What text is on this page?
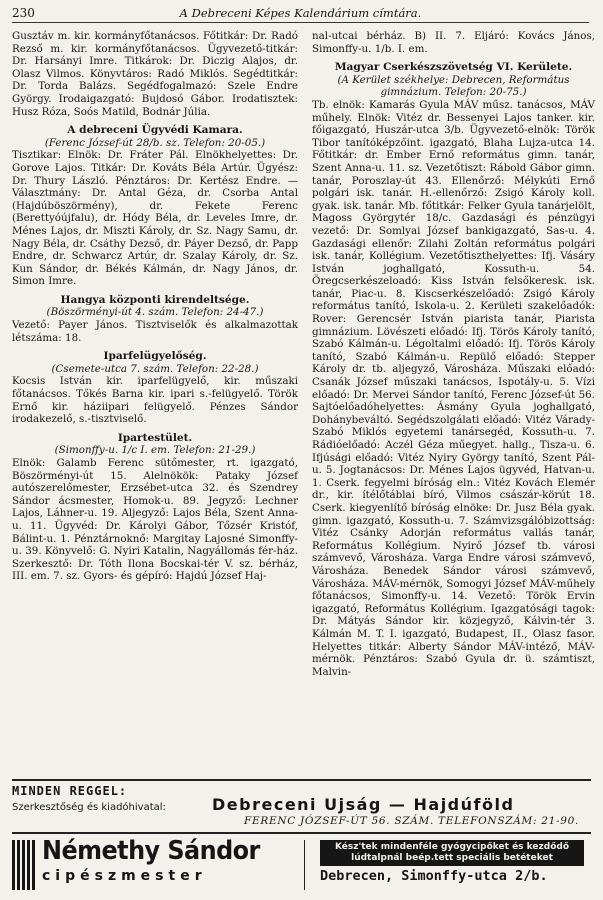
230	A Debreceni Képes Kalendárium címtára.

Gusztáv m. kir. kormányfőtanácsos. Főtitkár: Dr. Radó Rezső m. kir. kormányfőtanácsos. Ügyvezető-titkár: Dr. Harsányi Imre. Titkárok: Dr. Diczig Alajos, dr. Olasz Vilmos. Könyvtáros: Radó Miklós. Segédtitkár: Dr. Torda Balázs. Segédfogalmazó: Szele Endre György. Irodaigazgató: Bujdosó Gábor. Irodatisztek: Husz Róza, Soós Matild, Bodnár Júlia.

A debreceni Ügyvédi Kamara.

(Ferenc József-út 28/b. sz. Telefon: 20-05.)

Tisztikar: Elnök: Dr. Fráter Pál. Elnökhelyettes: Dr. Gorove Lajos. Titkár: Dr. Kováts Béla Artúr. Ügyész: Dr. Thury László. Pénztáros: Dr. Kertész Endre. — Választmány: Dr. Antal Géza, dr. Csorba Antal (Hajdúböszörmény), dr. Fekete Ferenc (Berettyóújfalu), dr. Hódy Béla, dr. Leveles Imre, dr. Ménes Lajos, dr. Miszti Károly, dr. Sz. Nagy Samu, dr. Nagy Béla, dr. Csáthy Dezső, dr. Páyer Dezső, dr. Papp Endre, dr. Schwarcz Artúr, dr. Szalay Károly, dr. Sz. Kun Sándor, dr. Békés Kálmán, dr. Nagy János, dr. Simon Imre.

Hangya központi kirendeltsége.

(Böszörményi-út 4. szám. Telefon: 24-47.)

Vezető: Payer János. Tisztviselők és alkalmazottak létszáma: 18.

Iparfelügyelőség.

(Csemete-utca 7. szám. Telefon: 22-28.)

Kocsis István kir. iparfelügyelő, kir. műszaki főtanácsos. Tőkés Barna kir. ipari s.-felügyelő. Török Ernő kir. háziipari felügyelő. Pénzes Sándor irodakezelő, s.-tisztviselő.

Ipartestület.

(Simonffy-u. 1/c I. em. Telefon: 21-29.)

Elnök: Galamb Ferenc sütőmester, rt. igazgató, Böszörményi-út 15. Alelnökök: Pataky József autószerelőmester, Erzsébet-utca 32. és Szendrey Sándor ácsmester, Homok-u. 89. Jegyző: Lechner Lajos, Láhner-u. 19. Aljegyző: Lajos Béla, Szent Anna-u. 11. Ügyvéd: Dr. Károlyi Gábor, Tőzsér Kristóf, Bálint-u. 1. Pénztárnoknő: Margitay Lajosné Simonffy-u. 39. Könyvelő: G. Nyiri Katalin, Nagyállomás fér-ház. Szerkesztő: Dr. Tóth Ilona Bocskai-tér V. sz. bérház, III. em. 7. sz. Gyors- és gépíró: Hajdú József Haj-

nal-utcai bérház. B) II. 7. Eljáró: Kovács János, Simonffy-u. 1/b. I. em.

Magyar Cserkészszövetség VI. Kerülete.

(A Kerület székhelye: Debrecen, Református gimnázium. Telefon: 20-75.)

Tb. elnök: Kamarás Gyula MÁV műsz. tanácsos, MÁV műhely. Elnök: Vitéz dr. Bessenyei Lajos tanker. kir. főigazgató, Huszár-utca 3/b. Ügyvezető-elnök: Török Tibor tanítóképzőint. igazgató, Blaha Lujza-utca 14. Főtitkár: dr. Ember Ernő református gimn. tanár, Szent Anna-u. 11. sz. Vezetőtiszt: Rábold Gábor gimn. tanár, Poroszlay-út 43. Ellenőrző: Mélykúti Ernő polgári isk. tanár. H.-ellenőrző: Zsigó Károly koll. gyak. isk. tanár. Mb. főtitkár: Felker Gyula tanárjelölt, Magoss Györgytér 18/c. Gazdasági és pénzügyi vezető: Dr. Somlyai József bankigazgató, Sas-u. 4. Gazdasági ellenőr: Zilahi Zoltán református polgári isk. tanár, Kollégium. Vezetőtiszthelyettes: Ifj. Vásáry István joghallgató, Kossuth-u. 54. Öregcserkészeloadó: Kiss István felsőkeresk. isk. tanár, Piac-u. 8. Kiscserkészelőadó: Zsigó Károly református tanító, Iskola-u. 2. Kerületi szakelőadók: Rover: Gerencsér István piarista tanár, Piarista gimnázium. Lövészeti előadó: Ifj. Törös Károly tanító, Szabó Kálmán-u. Légoltalmi előadó: Ifj. Törös Károly tanító, Szabó Kálmán-u. Repülő előadó: Stepper Károly dr. tb. aljegyző, Városháza. Műszaki előadó: Csanák József műszaki tanácsos, Ispotály-u. 5. Vízi előadó: Dr. Mervei Sándor tanító, Ferenc József-út 56. Sajtóelőadóhelyettes: Ásmány Gyula joghallgató, Dohánybeváltó. Segédszolgálati előadó: Vitéz Várady-Szabó Miklós egyetemi tanársegéd, Kossuth-u. 7. Rádióelőadó: Aczél Géza műegyet. hallg., Tisza-u. 6. Ifjúsági előadó: Vitéz Nyiry György tanító, Szent Pál-u. 5. Jogtanácsos: Dr. Ménes Lajos ügyvéd, Hatvan-u. 1. Cserk. fegyelmi bíróság eln.: Vitéz Kovách Elemér dr., kir. ítélőtáblai bíró, Vilmos császár-körút 18. Cserk. kiegyenlítő bíróság elnöke: Dr. Jusz Béla gyak. gimn. igazgató, Kossuth-u. 7. Számvizsgálóbizottság: Vitéz Csánky Adorján református vallás tanár, Református Kollégium. Nyirő József tb. városi számvevő, Városháza. Varga Endre városi számvevő, Városháza. Benedek Sándor városi számvevő, Városháza. MÁV-mérnök, Somogyi József MÁV-műhely főtanácsos, Simonffy-u. 14. Vezető: Török Ervin igazgató, Református Kollégium. Igazgatósági tagok: Dr. Mátyás Sándor kir. közjegyző, Kálvin-tér 3. Kálmán M. T. I. igazgató, Budapest, II., Olasz fasor. Helyettes titkár: Alberty Sándor MÁV-intéző, MÁV-mérnök. Pénztáros: Szabó Gyula dr. ü. számtiszt, Malvin-

MINDEN REGGEL:
Szerkesztőség és kiadóhivatal:	Debreceni Ujság — Hajdúföld
FERENC JÓZSEF-ÚT 56. SZÁM. TELEFONSZÁM: 21-90.
Némethy Sándor
cipészmester
Kész'tek mindenféle gyógycipőket és kezdődő lúdtalpnál beép.tett speciális betéteket
Debrecen, Simonffy-utca 2/b.
